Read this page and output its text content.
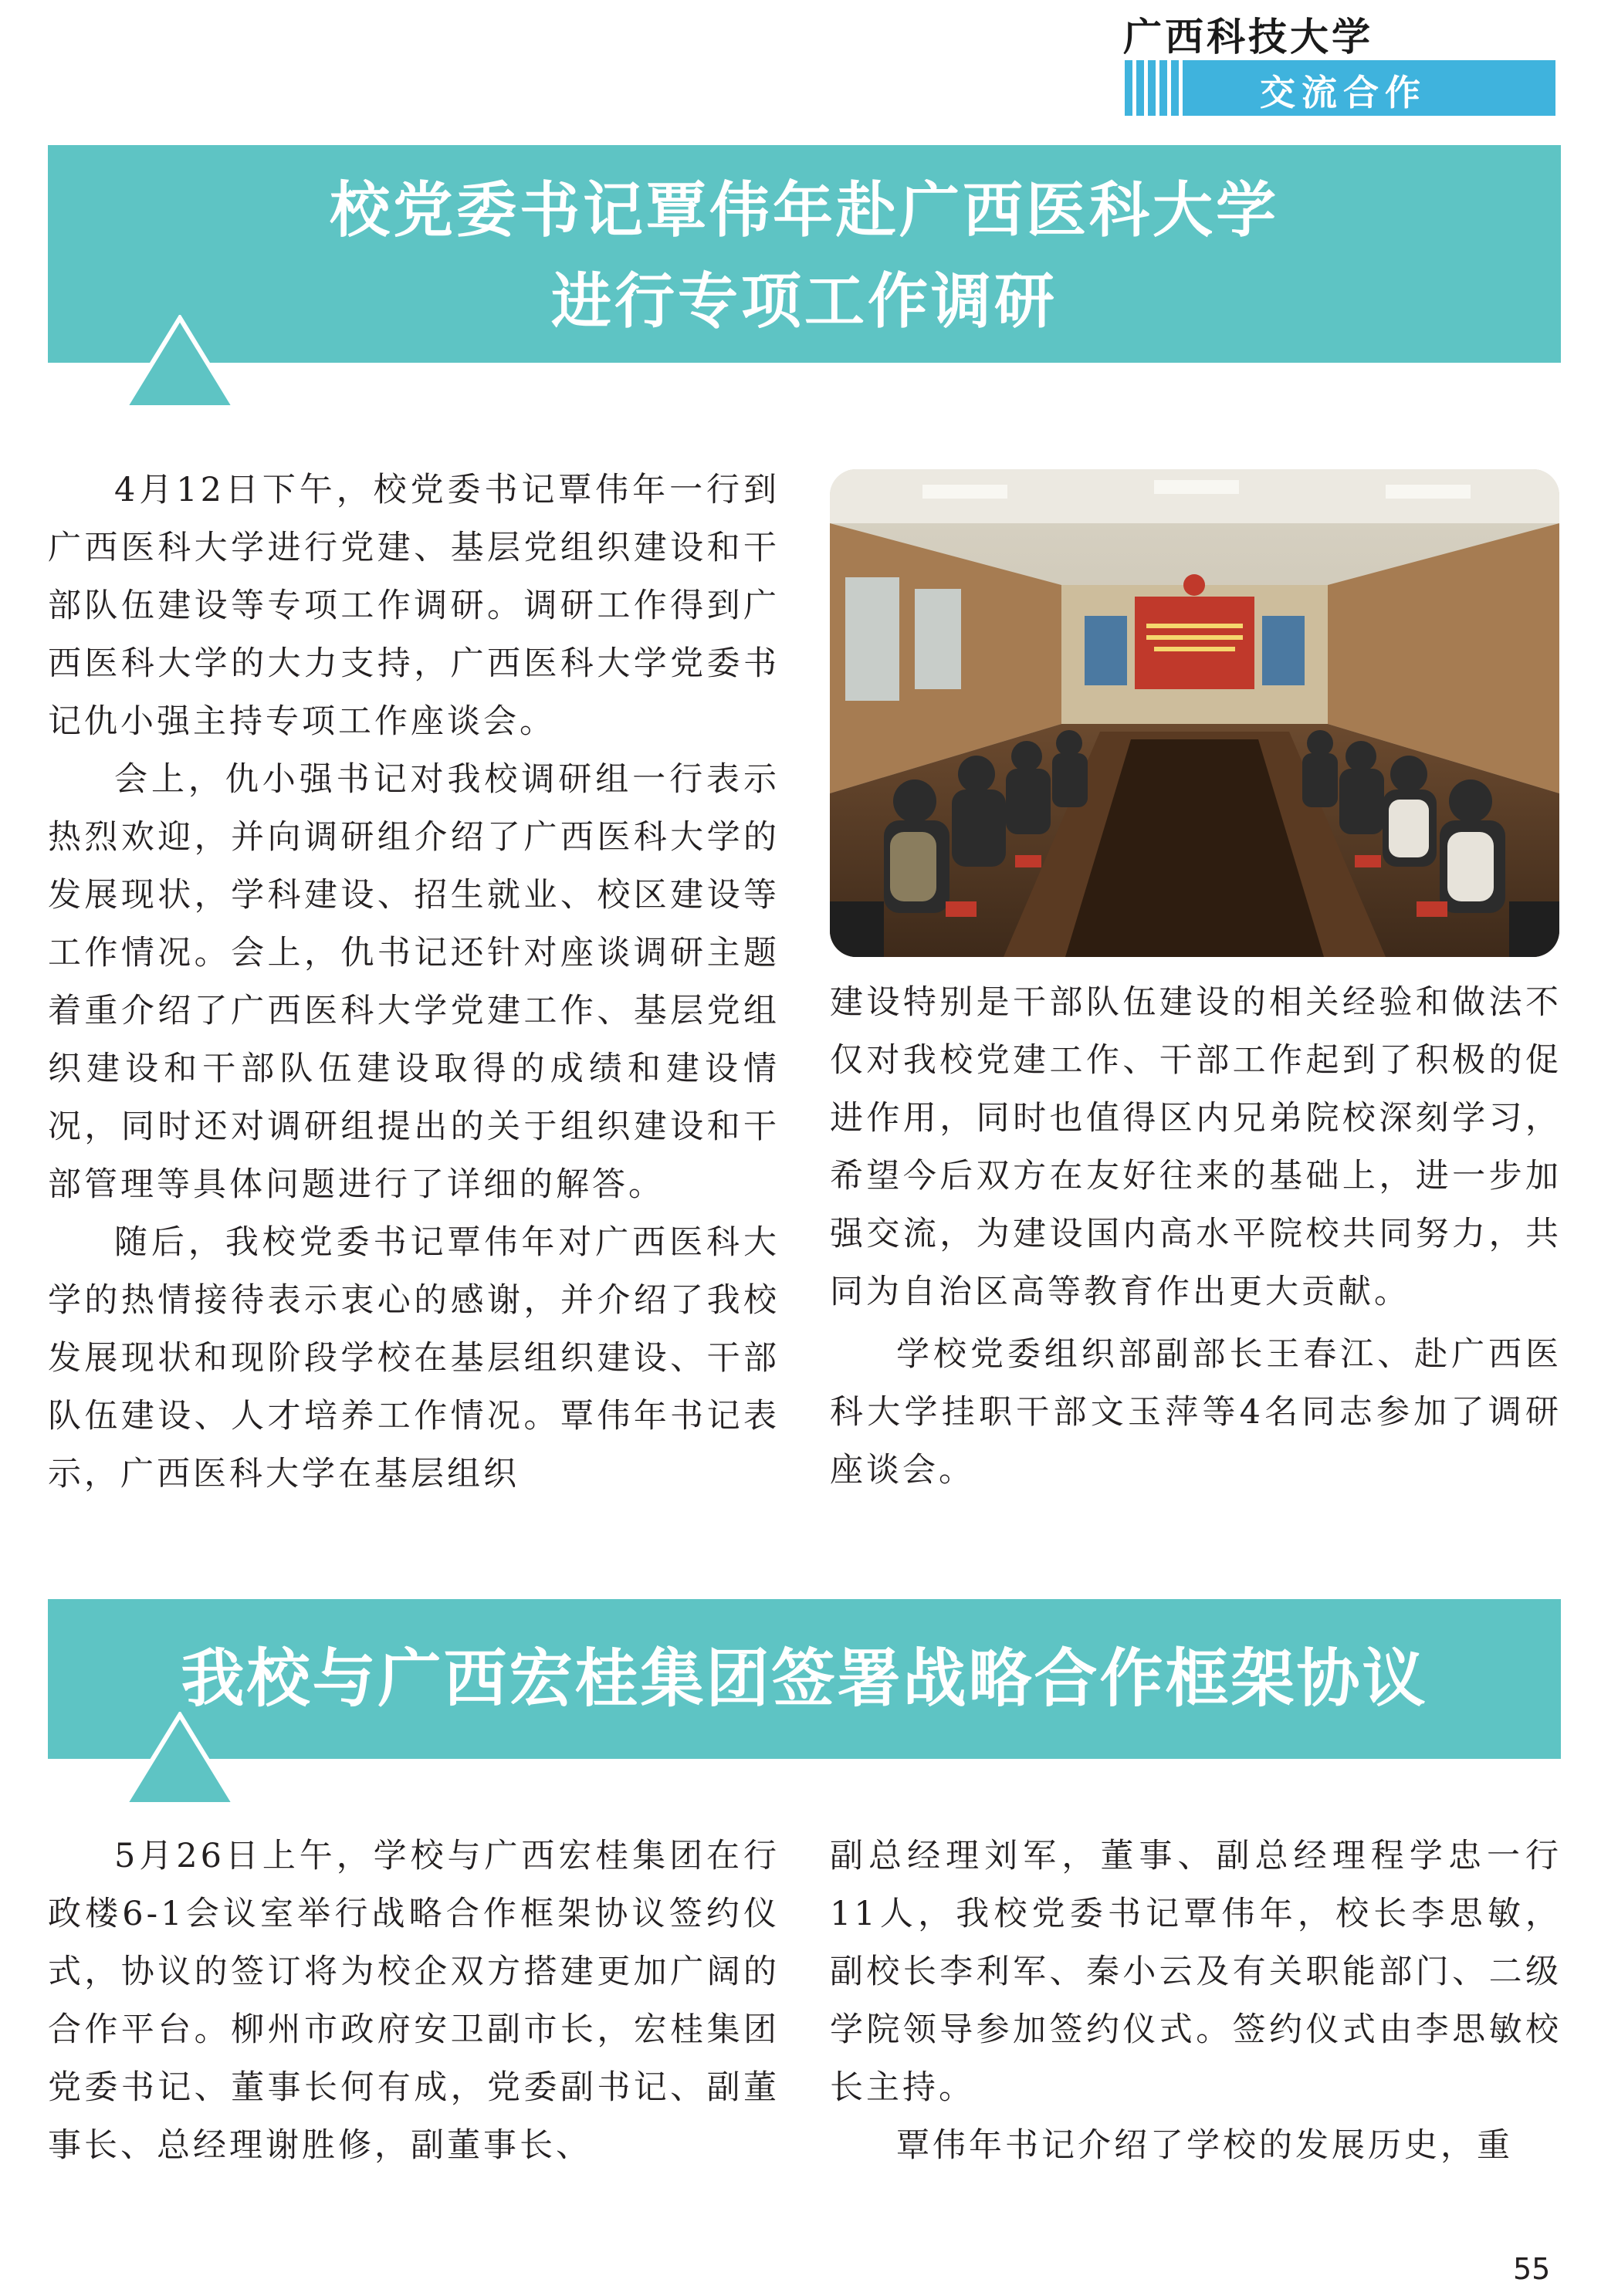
广西科技大学
交流合作
校党委书记覃伟年赴广西医科大学
进行专项工作调研

4月12日下午，校党委书记覃伟年一行到广西医科大学进行党建、基层党组织建设和干部队伍建设等专项工作调研。调研工作得到广西医科大学的大力支持，广西医科大学党委书记仇小强主持专项工作座谈会。

会上，仇小强书记对我校调研组一行表示热烈欢迎，并向调研组介绍了广西医科大学的发展现状，学科建设、招生就业、校区建设等工作情况。会上，仇书记还针对座谈调研主题着重介绍了广西医科大学党建工作、基层党组织建设和干部队伍建设取得的成绩和建设情况，同时还对调研组提出的关于组织建设和干部管理等具体问题进行了详细的解答。

随后，我校党委书记覃伟年对广西医科大学的热情接待表示衷心的感谢，并介绍了我校发展现状和现阶段学校在基层组织建设、干部队伍建设、人才培养工作情况。覃伟年书记表示，广西医科大学在基层组织

建设特别是干部队伍建设的相关经验和做法不仅对我校党建工作、干部工作起到了积极的促进作用，同时也值得区内兄弟院校深刻学习，希望今后双方在友好往来的基础上，进一步加强交流，为建设国内高水平院校共同努力，共同为自治区高等教育作出更大贡献。

学校党委组织部副部长王春江、赴广西医科大学挂职干部文玉萍等4名同志参加了调研座谈会。

我校与广西宏桂集团签署战略合作框架协议

5月26日上午，学校与广西宏桂集团在行政楼6-1会议室举行战略合作框架协议签约仪式，协议的签订将为校企双方搭建更加广阔的合作平台。柳州市政府安卫副市长，宏桂集团党委书记、董事长何有成，党委副书记、副董事长、总经理谢胜修，副董事长、

副总经理刘军，董事、副总经理程学忠一行11人，我校党委书记覃伟年，校长李思敏，副校长李利军、秦小云及有关职能部门、二级学院领导参加签约仪式。签约仪式由李思敏校长主持。

覃伟年书记介绍了学校的发展历史，重

55
